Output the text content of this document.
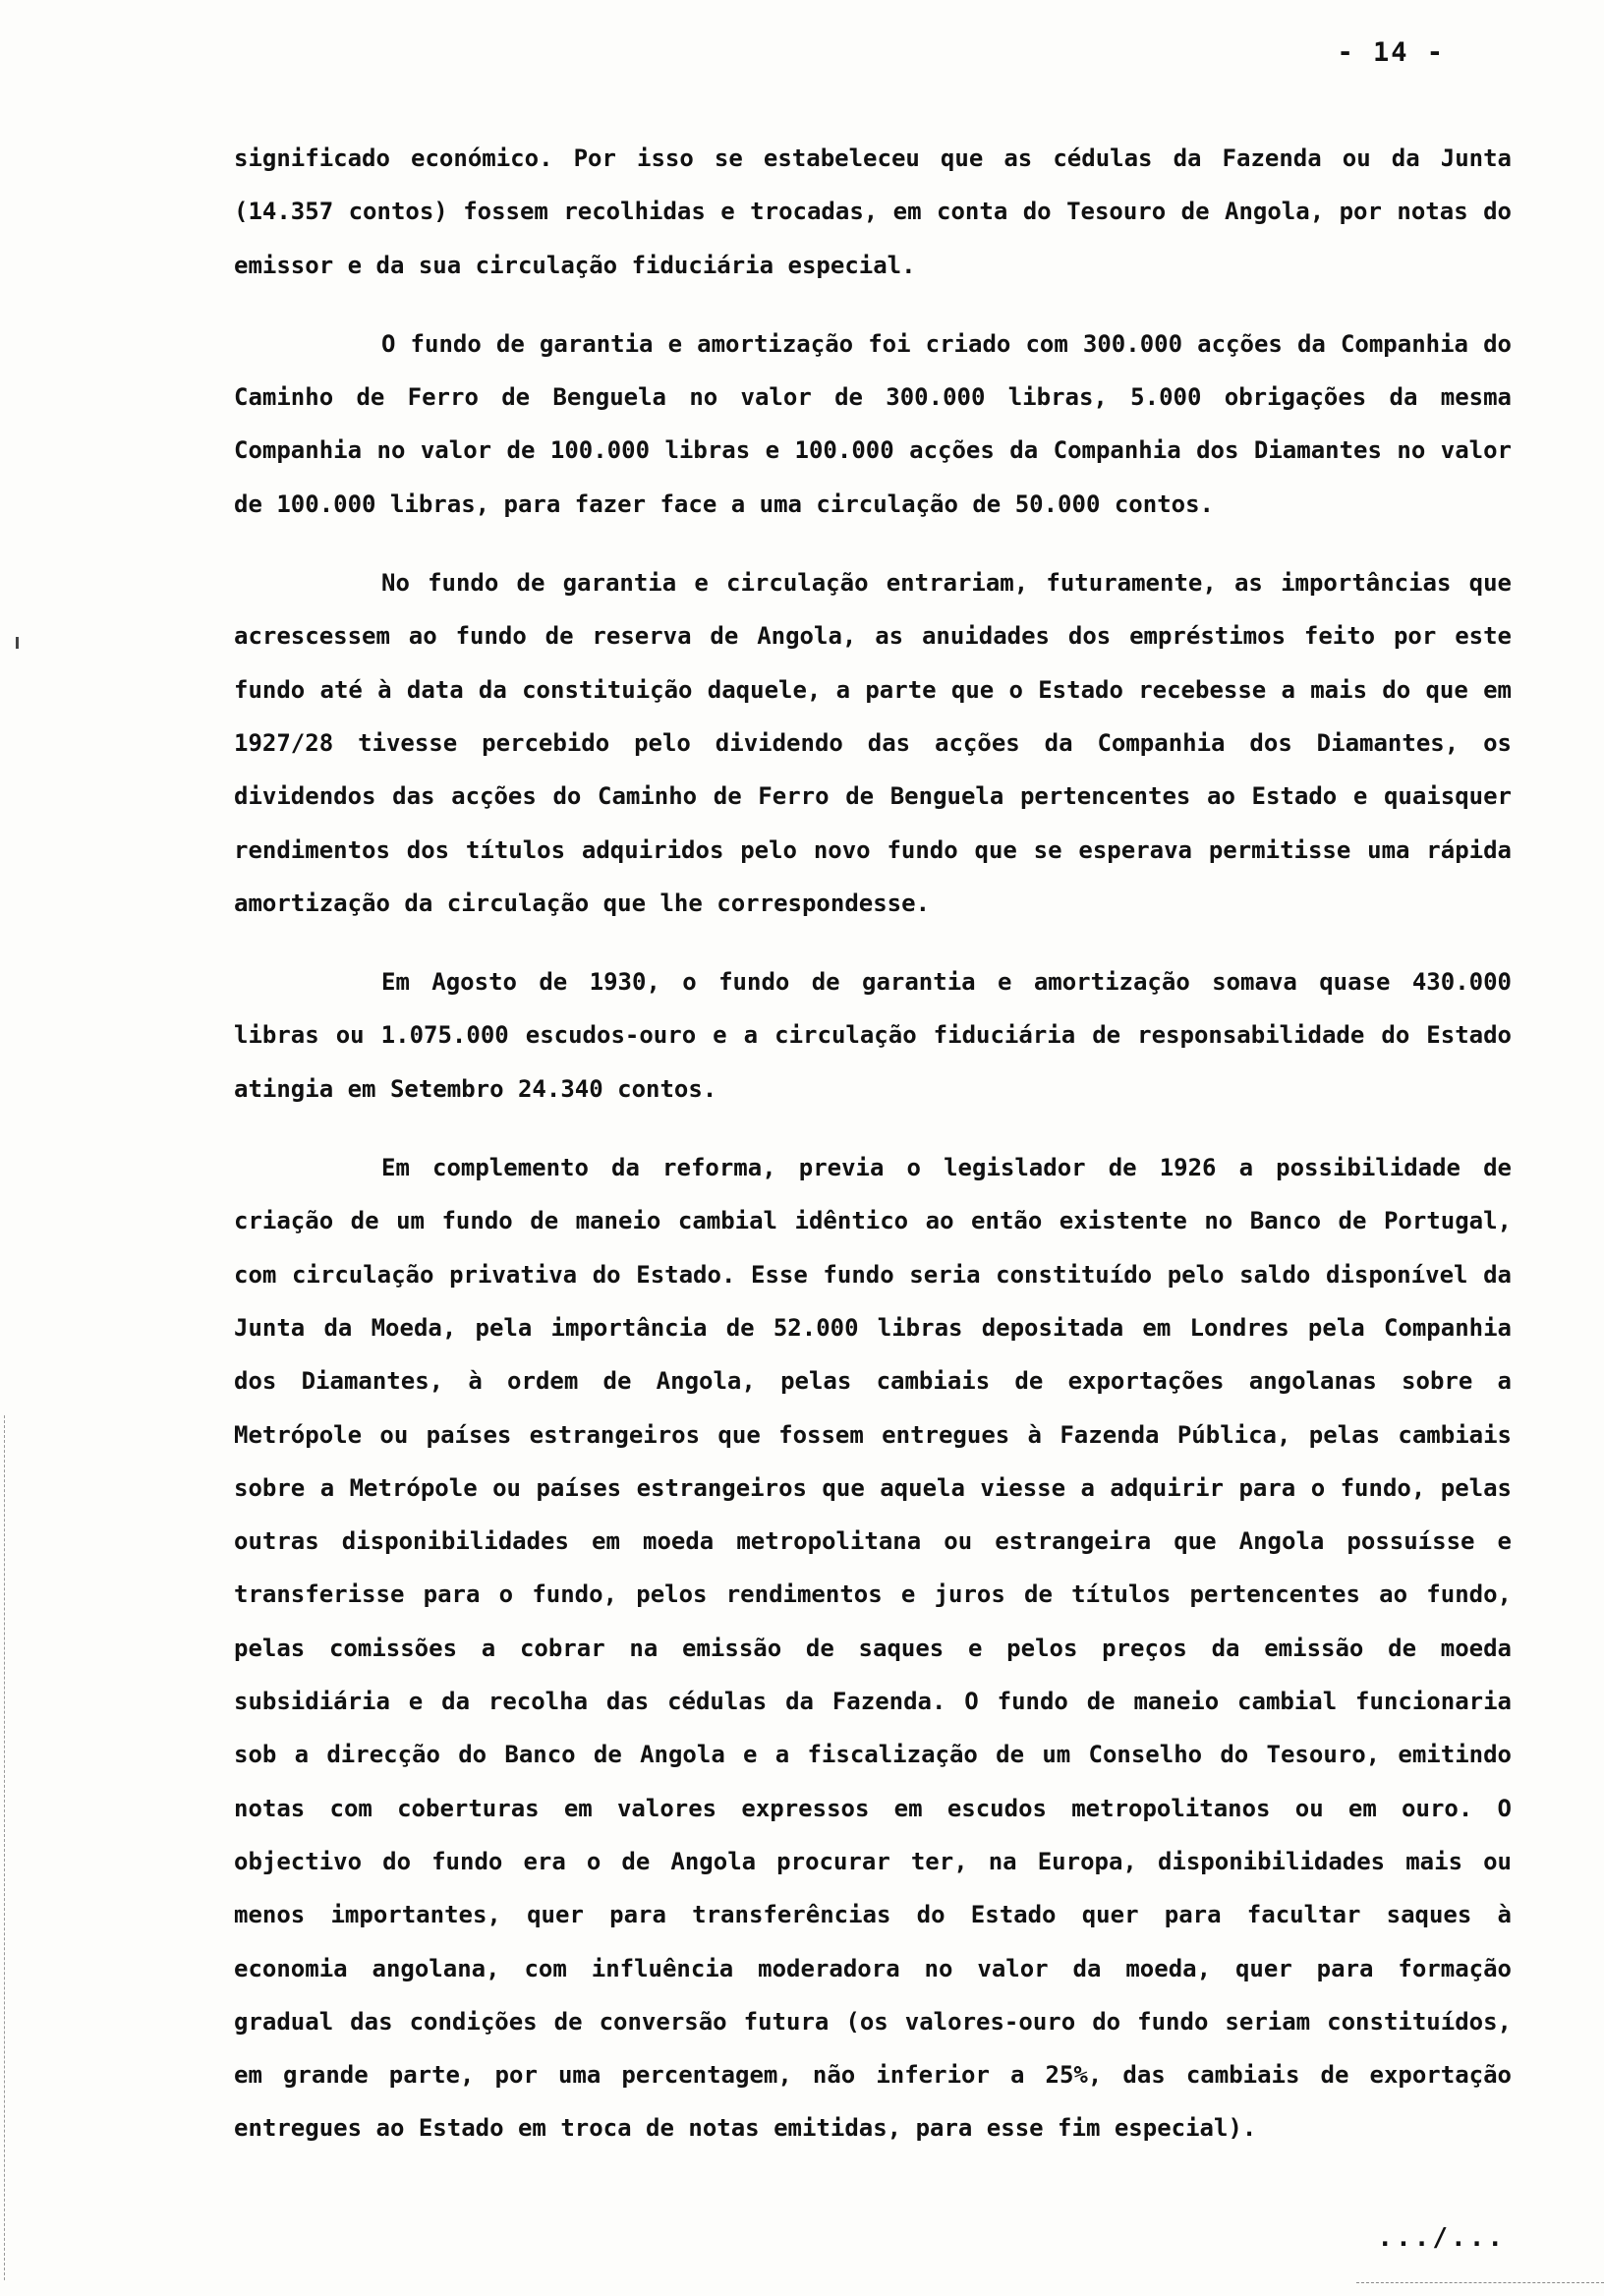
- 14 -

significado económico. Por isso se estabeleceu que as cédulas da Fazenda ou da Junta (14.357 contos) fossem recolhidas e trocadas, em conta do Tesouro de Angola, por notas do emissor e da sua circulação fiduciária especial.

O fundo de garantia e amortização foi criado com 300.000 acções da Companhia do Caminho de Ferro de Benguela no valor de 300.000 libras, 5.000 obrigações da mesma Companhia no valor de 100.000 libras e 100.000 acções da Companhia dos Diamantes no valor de 100.000 libras, para fazer face a uma circulação de 50.000 contos.

No fundo de garantia e circulação entrariam, futuramente, as importâncias que acrescessem ao fundo de reserva de Angola, as anuidades dos empréstimos feito por este fundo até à data da constituição daquele, a parte que o Estado recebesse a mais do que em 1927/28 tivesse percebido pelo dividendo das acções da Companhia dos Diamantes, os dividendos das acções do Caminho de Ferro de Benguela pertencentes ao Estado e quaisquer rendimentos dos títulos adquiridos pelo novo fundo que se esperava permitisse uma rápida amortização da circulação que lhe correspondesse.

Em Agosto de 1930, o fundo de garantia e amortização somava quase 430.000 libras ou 1.075.000 escudos-ouro e a circulação fiduciária de responsabilidade do Estado atingia em Setembro 24.340 contos.

Em complemento da reforma, previa o legislador de 1926 a possibilidade de criação de um fundo de maneio cambial idêntico ao então existente no Banco de Portugal, com circulação privativa do Estado. Esse fundo seria constituído pelo saldo disponível da Junta da Moeda, pela importância de 52.000 libras depositada em Londres pela Companhia dos Diamantes, à ordem de Angola, pelas cambiais de exportações angolanas sobre a Metrópole ou países estrangeiros que fossem entregues à Fazenda Pública, pelas cambiais sobre a Metrópole ou países estrangeiros que aquela viesse a adquirir para o fundo, pelas outras disponibilidades em moeda metropolitana ou estrangeira que Angola possuísse e transferisse para o fundo, pelos rendimentos e juros de títulos pertencentes ao fundo, pelas comissões a cobrar na emissão de saques e pelos preços da emissão de moeda subsidiária e da recolha das cédulas da Fazenda. O fundo de maneio cambial funcionaria sob a direcção do Banco de Angola e a fiscalização de um Conselho do Tesouro, emitindo notas com coberturas em valores expressos em escudos metropolitanos ou em ouro. O objectivo do fundo era o de Angola procurar ter, na Europa, disponibilidades mais ou menos importantes, quer para transferências do Estado quer para facultar saques à economia angolana, com influência moderadora no valor da moeda, quer para formação gradual das condições de conversão futura (os valores-ouro do fundo seriam constituídos, em grande parte, por uma percentagem, não inferior a 25%, das cambiais de exportação entregues ao Estado em troca de notas emitidas, para esse fim especial).

.../...
